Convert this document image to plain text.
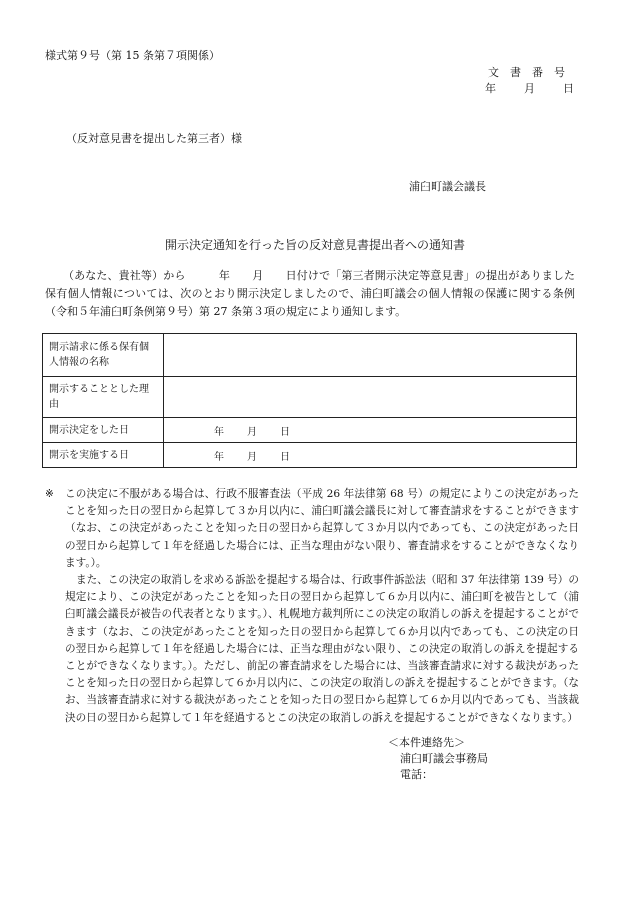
様式第９号（第 15 条第７項関係）
文書番号
年　　月　　日
（反対意見書を提出した第三者）様
浦臼町議会議長
開示決定通知を行った旨の反対意見書提出者への通知書
（あなた、貴社等）から　　　年　　月　　日付けで「第三者開示決定等意見書」の提出がありました保有個人情報については、次のとおり開示決定しましたので、浦臼町議会の個人情報の保護に関する条例（令和５年浦臼町条例第９号）第 27 条第３項の規定により通知します。
開示請求に係る保有個人情報の名称	
開示することとした理由	
開示決定をした日	年　　月　　日
開示を実施する日	年　　月　　日
※	この決定に不服がある場合は、行政不服審査法（平成 26 年法律第 68 号）の規定によりこの決定があったことを知った日の翌日から起算して３か月以内に、浦臼町議会議長に対して審査請求をすることができます（なお、この決定があったことを知った日の翌日から起算して３か月以内であっても、この決定があった日の翌日から起算して１年を経過した場合には、正当な理由がない限り、審査請求をすることができなくなります。）。
また、この決定の取消しを求める訴訟を提起する場合は、行政事件訴訟法（昭和 37 年法律第 139 号）の規定により、この決定があったことを知った日の翌日から起算して６か月以内に、浦臼町を被告として（浦臼町議会議長が被告の代表者となります。）、札幌地方裁判所にこの決定の取消しの訴えを提起することができます（なお、この決定があったことを知った日の翌日から起算して６か月以内であっても、この決定の日の翌日から起算して１年を経過した場合には、正当な理由がない限り、この決定の取消しの訴えを提起することができなくなります。）。ただし、前記の審査請求をした場合には、当該審査請求に対する裁決があったことを知った日の翌日から起算して６か月以内に、この決定の取消しの訴えを提起することができます。（なお、当該審査請求に対する裁決があったことを知った日の翌日から起算して６か月以内であっても、当該裁決の日の翌日から起算して１年を経過するとこの決定の取消しの訴えを提起することができなくなります。）
＜本件連絡先＞
浦臼町議会事務局
電話：
